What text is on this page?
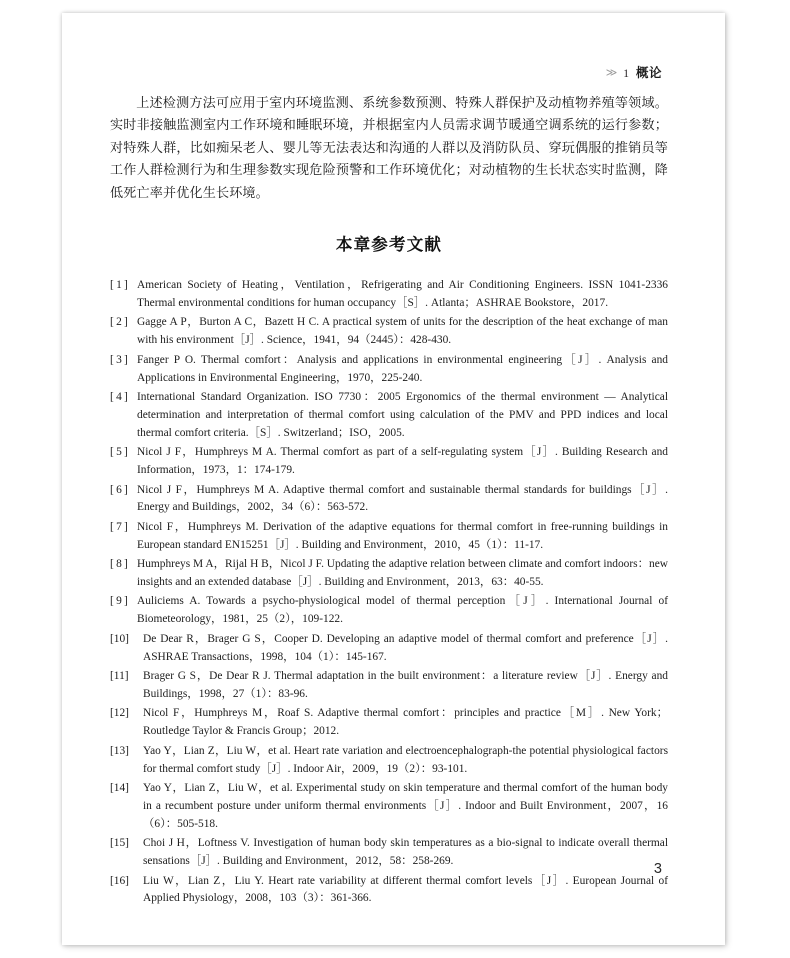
≫ 1 概论

上述检测方法可应用于室内环境监测、系统参数预测、特殊人群保护及动植物养殖等领域。实时非接触监测室内工作环境和睡眠环境，并根据室内人员需求调节暖通空调系统的运行参数；对特殊人群，比如痴呆老人、婴儿等无法表达和沟通的人群以及消防队员、穿玩偶服的推销员等工作人群检测行为和生理参数实现危险预警和工作环境优化；对动植物的生长状态实时监测，降低死亡率并优化生长环境。

本章参考文献
[ 1 ] American Society of Heating，Ventilation，Refrigerating and Air Conditioning Engineers. ISSN 1041-2336 Thermal environmental conditions for human occupancy［S］. Atlanta；ASHRAE Bookstore，2017.
[ 2 ] Gagge A P，Burton A C，Bazett H C. A practical system of units for the description of the heat exchange of man with his environment［J］. Science，1941，94（2445）：428-430.
[ 3 ] Fanger P O. Thermal comfort：Analysis and applications in environmental engineering［J］. Analysis and Applications in Environmental Engineering，1970，225-240.
[ 4 ] International Standard Organization. ISO 7730：2005 Ergonomics of the thermal environment — Analytical determination and interpretation of thermal comfort using calculation of the PMV and PPD indices and local thermal comfort criteria.［S］. Switzerland；ISO，2005.
[ 5 ] Nicol J F，Humphreys M A. Thermal comfort as part of a self-regulating system［J］. Building Research and Information，1973，1：174-179.
[ 6 ] Nicol J F，Humphreys M A. Adaptive thermal comfort and sustainable thermal standards for buildings［J］. Energy and Buildings，2002，34（6）：563-572.
[ 7 ] Nicol F，Humphreys M. Derivation of the adaptive equations for thermal comfort in free-running buildings in European standard EN15251［J］. Building and Environment，2010，45（1）：11-17.
[ 8 ] Humphreys M A，Rijal H B，Nicol J F. Updating the adaptive relation between climate and comfort indoors：new insights and an extended database［J］. Building and Environment，2013，63：40-55.
[ 9 ] Auliciems A. Towards a psycho-physiological model of thermal perception［J］. International Journal of Biometeorology，1981，25（2），109-122.
[10]	De Dear R，Brager G S，Cooper D. Developing an adaptive model of thermal comfort and preference［J］. ASHRAE Transactions，1998，104（1）：145-167.
[11]	Brager G S，De Dear R J. Thermal adaptation in the built environment：a literature review［J］. Energy and Buildings，1998，27（1）：83-96.
[12]	Nicol F，Humphreys M，Roaf S. Adaptive thermal comfort：principles and practice［M］. New York；Routledge Taylor & Francis Group；2012.
[13]	Yao Y，Lian Z，Liu W，et al. Heart rate variation and electroencephalograph-the potential physiological factors for thermal comfort study［J］. Indoor Air，2009，19（2）：93-101.
[14]	Yao Y，Lian Z，Liu W，et al. Experimental study on skin temperature and thermal comfort of the human body in a recumbent posture under uniform thermal environments［J］. Indoor and Built Environment，2007，16（6）：505-518.
[15]	Choi J H，Loftness V. Investigation of human body skin temperatures as a bio-signal to indicate overall thermal sensations［J］. Building and Environment，2012，58：258-269.
[16]	Liu W，Lian Z，Liu Y. Heart rate variability at different thermal comfort levels［J］. European Journal of Applied Physiology，2008，103（3）：361-366.
3
